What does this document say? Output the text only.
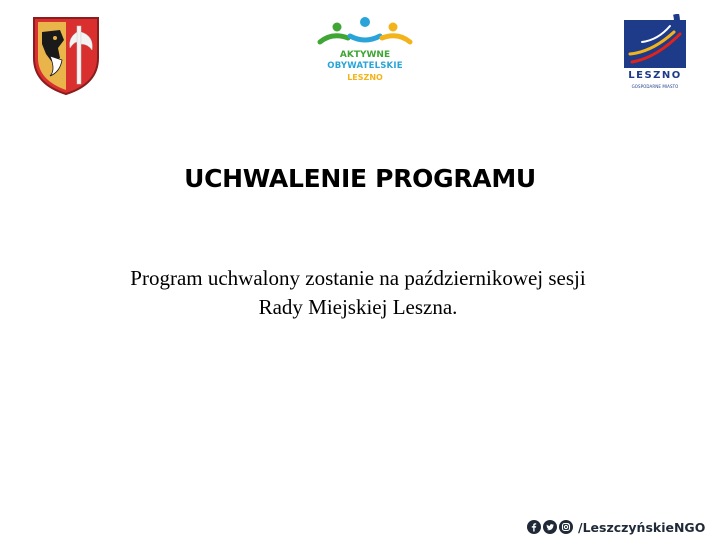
AKTYWNE
OBYWATELSKIE
LESZNO	LESZNO
GOSPODARNE MIASTO
UCHWALENIE PROGRAMU
Program uchwalony zostanie na październikowej sesji
Rady Miejskiej Leszna.
/LeszczyńskieNGO
